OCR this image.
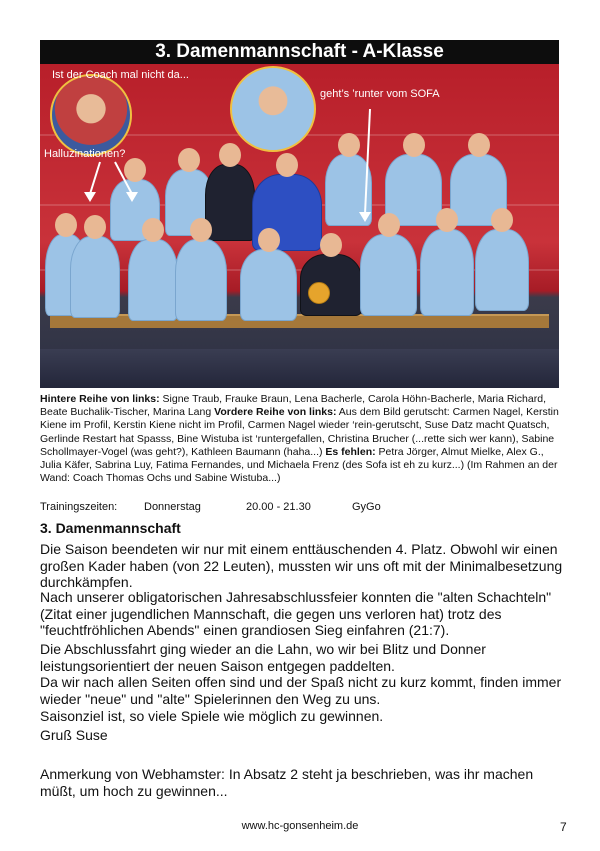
3. Damenmannschaft - A-Klasse
Ist der Coach mal nicht da...
Halluzinationen?
geht’s ’runter vom SOFA
Hintere Reihe von links: Signe Traub, Frauke Braun, Lena Bacherle, Carola Höhn-Bacherle, Maria Richard, Beate Buchalik-Tischer, Marina Lang Vordere Reihe von links: Aus dem Bild gerutscht: Carmen Nagel, Kerstin Kiene im Profil, Kerstin Kiene nicht im Profil, Carmen Nagel wieder ‘rein-gerutscht, Suse Datz macht Quatsch, Gerlinde Restart hat Spasss, Bine Wistuba ist ‘runtergefallen, Christina Brucher (...rette sich wer kann), Sabine Schollmayer-Vogel (was geht?), Kathleen Baumann (haha...) Es fehlen: Petra Jörger, Almut Mielke, Alex G., Julia Käfer, Sabrina Luy, Fatima Fernandes, und Michaela Frenz (des Sofa ist eh zu kurz...) (Im Rahmen an der Wand: Coach Thomas Ochs und Sabine Wistuba...)
Trainingszeiten: Donnerstag	20.00 - 21.30	GyGo
3. Damenmannschaft
Die Saison beendeten wir nur mit einem enttäuschenden 4. Platz. Obwohl wir einen großen Kader haben (von 22 Leuten), mussten wir uns oft mit der Minimalbesetzung durchkämpfen.
Nach unserer obligatorischen Jahresabschlussfeier konnten die "alten Schachteln" (Zitat einer jugendlichen Mannschaft, die gegen uns verloren hat) trotz des "feuchtfröhlichen Abends" einen grandiosen Sieg einfahren (21:7).
Die Abschlussfahrt ging wieder an die Lahn, wo wir bei Blitz und Donner leistungsorientiert der neuen Saison entgegen paddelten.
Da wir nach allen Seiten offen sind und der Spaß nicht zu kurz kommt, finden immer wieder "neue" und "alte" Spielerinnen den Weg zu uns.
Saisonziel ist, so viele Spiele wie möglich zu gewinnen.
Gruß Suse
Anmerkung von Webhamster: In Absatz 2 steht ja beschrieben, was ihr machen müßt, um hoch zu gewinnen...
www.hc-gonsenheim.de	7
